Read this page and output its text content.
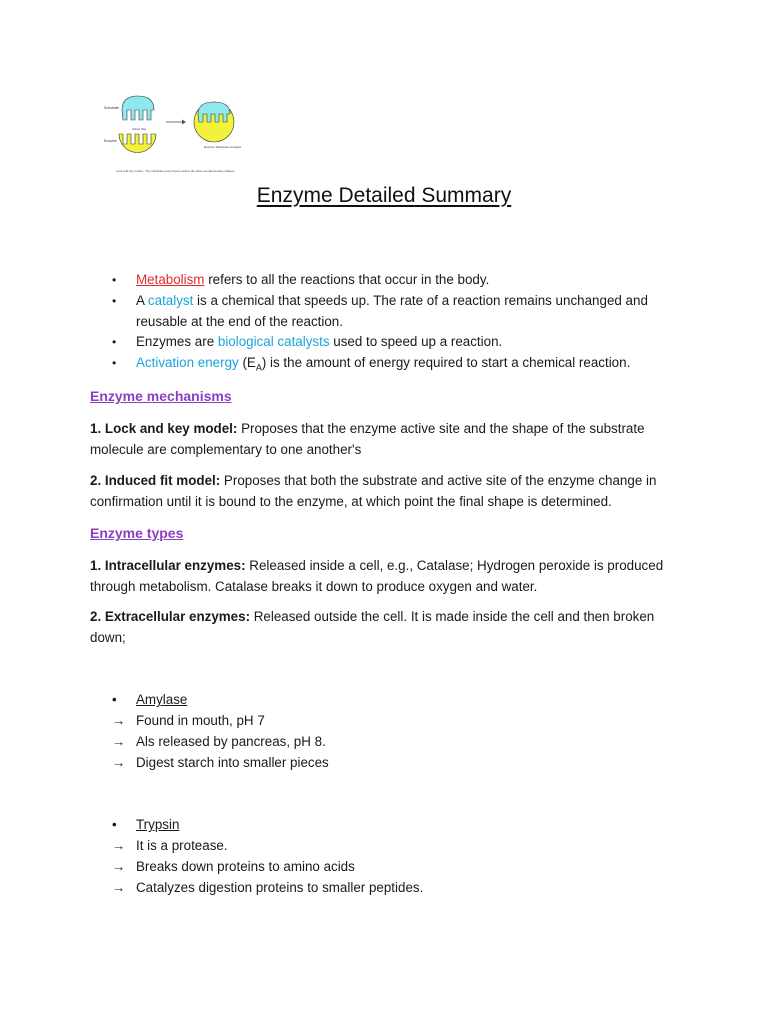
Substrate
Active Site
Enzyme
Enzyme Substrate Complex
Lock and key model - The substrate and enzyme active site have complementary shapes
Enzyme Detailed Summary
• Metabolism refers to all the reactions that occur in the body.
• A catalyst is a chemical that speeds up. The rate of a reaction remains unchanged and reusable at the end of the reaction.
• Enzymes are biological catalysts used to speed up a reaction.
• Activation energy $(E_A)$ is the amount of energy required to start a chemical reaction.
Enzyme mechanisms
1. Lock and key model: Proposes that the enzyme active site and the shape of the substrate molecule are complementary to one another's
2. Induced fit model: Proposes that both the substrate and active site of the enzyme change in confirmation until it is bound to the enzyme, at which point the final shape is determined.
Enzyme types
1. Intracellular enzymes: Released inside a cell, e.g., Catalase; Hydrogen peroxide is produced through metabolism. Catalase breaks it down to produce oxygen and water.
2. Extracellular enzymes: Released outside the cell. It is made inside the cell and then broken down;
• Amylase
→ Found in mouth, pH 7
→ Als released by pancreas, pH 8.
→ Digest starch into smaller pieces
• Trypsin
→ It is a protease.
→ Breaks down proteins to amino acids
→ Catalyzes digestion proteins to smaller peptides.
